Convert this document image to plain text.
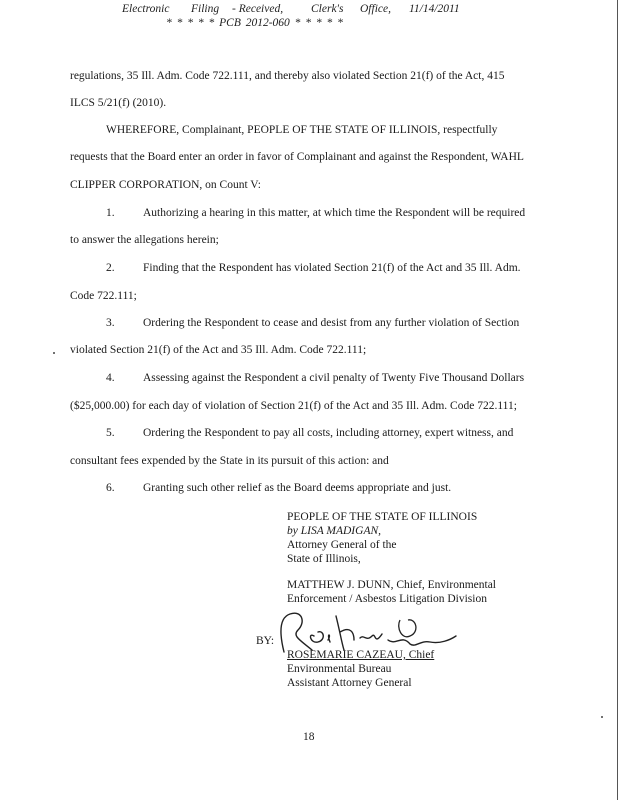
Electronic Filing - Received, Clerk's Office, 11/14/2011
* * * * * PCB 2012-060 * * * * *
regulations, 35 Ill. Adm. Code 722.111, and thereby also violated Section 21(f) of the Act, 415
ILCS 5/21(f) (2010).
WHEREFORE, Complainant, PEOPLE OF THE STATE OF ILLINOIS, respectfully
requests that the Board enter an order in favor of Complainant and against the Respondent, WAHL
CLIPPER CORPORATION, on Count V:
1. Authorizing a hearing in this matter, at which time the Respondent will be required
to answer the allegations herein;
2. Finding that the Respondent has violated Section 21(f) of the Act and 35 Ill. Adm.
Code 722.111;
3. Ordering the Respondent to cease and desist from any further violation of Section
violated Section 21(f) of the Act and 35 Ill. Adm. Code 722.111;
4. Assessing against the Respondent a civil penalty of Twenty Five Thousand Dollars
($25,000.00) for each day of violation of Section 21(f) of the Act and 35 Ill. Adm. Code 722.111;
5. Ordering the Respondent to pay all costs, including attorney, expert witness, and
consultant fees expended by the State in its pursuit of this action: and
6. Granting such other relief as the Board deems appropriate and just.
PEOPLE OF THE STATE OF ILLINOIS
by LISA MADIGAN,
Attorney General of the
State of Illinois,
MATTHEW J. DUNN, Chief, Environmental
Enforcement / Asbestos Litigation Division
BY:
ROSEMARIE CAZEAU, Chief
Environmental Bureau
Assistant Attorney General
18
